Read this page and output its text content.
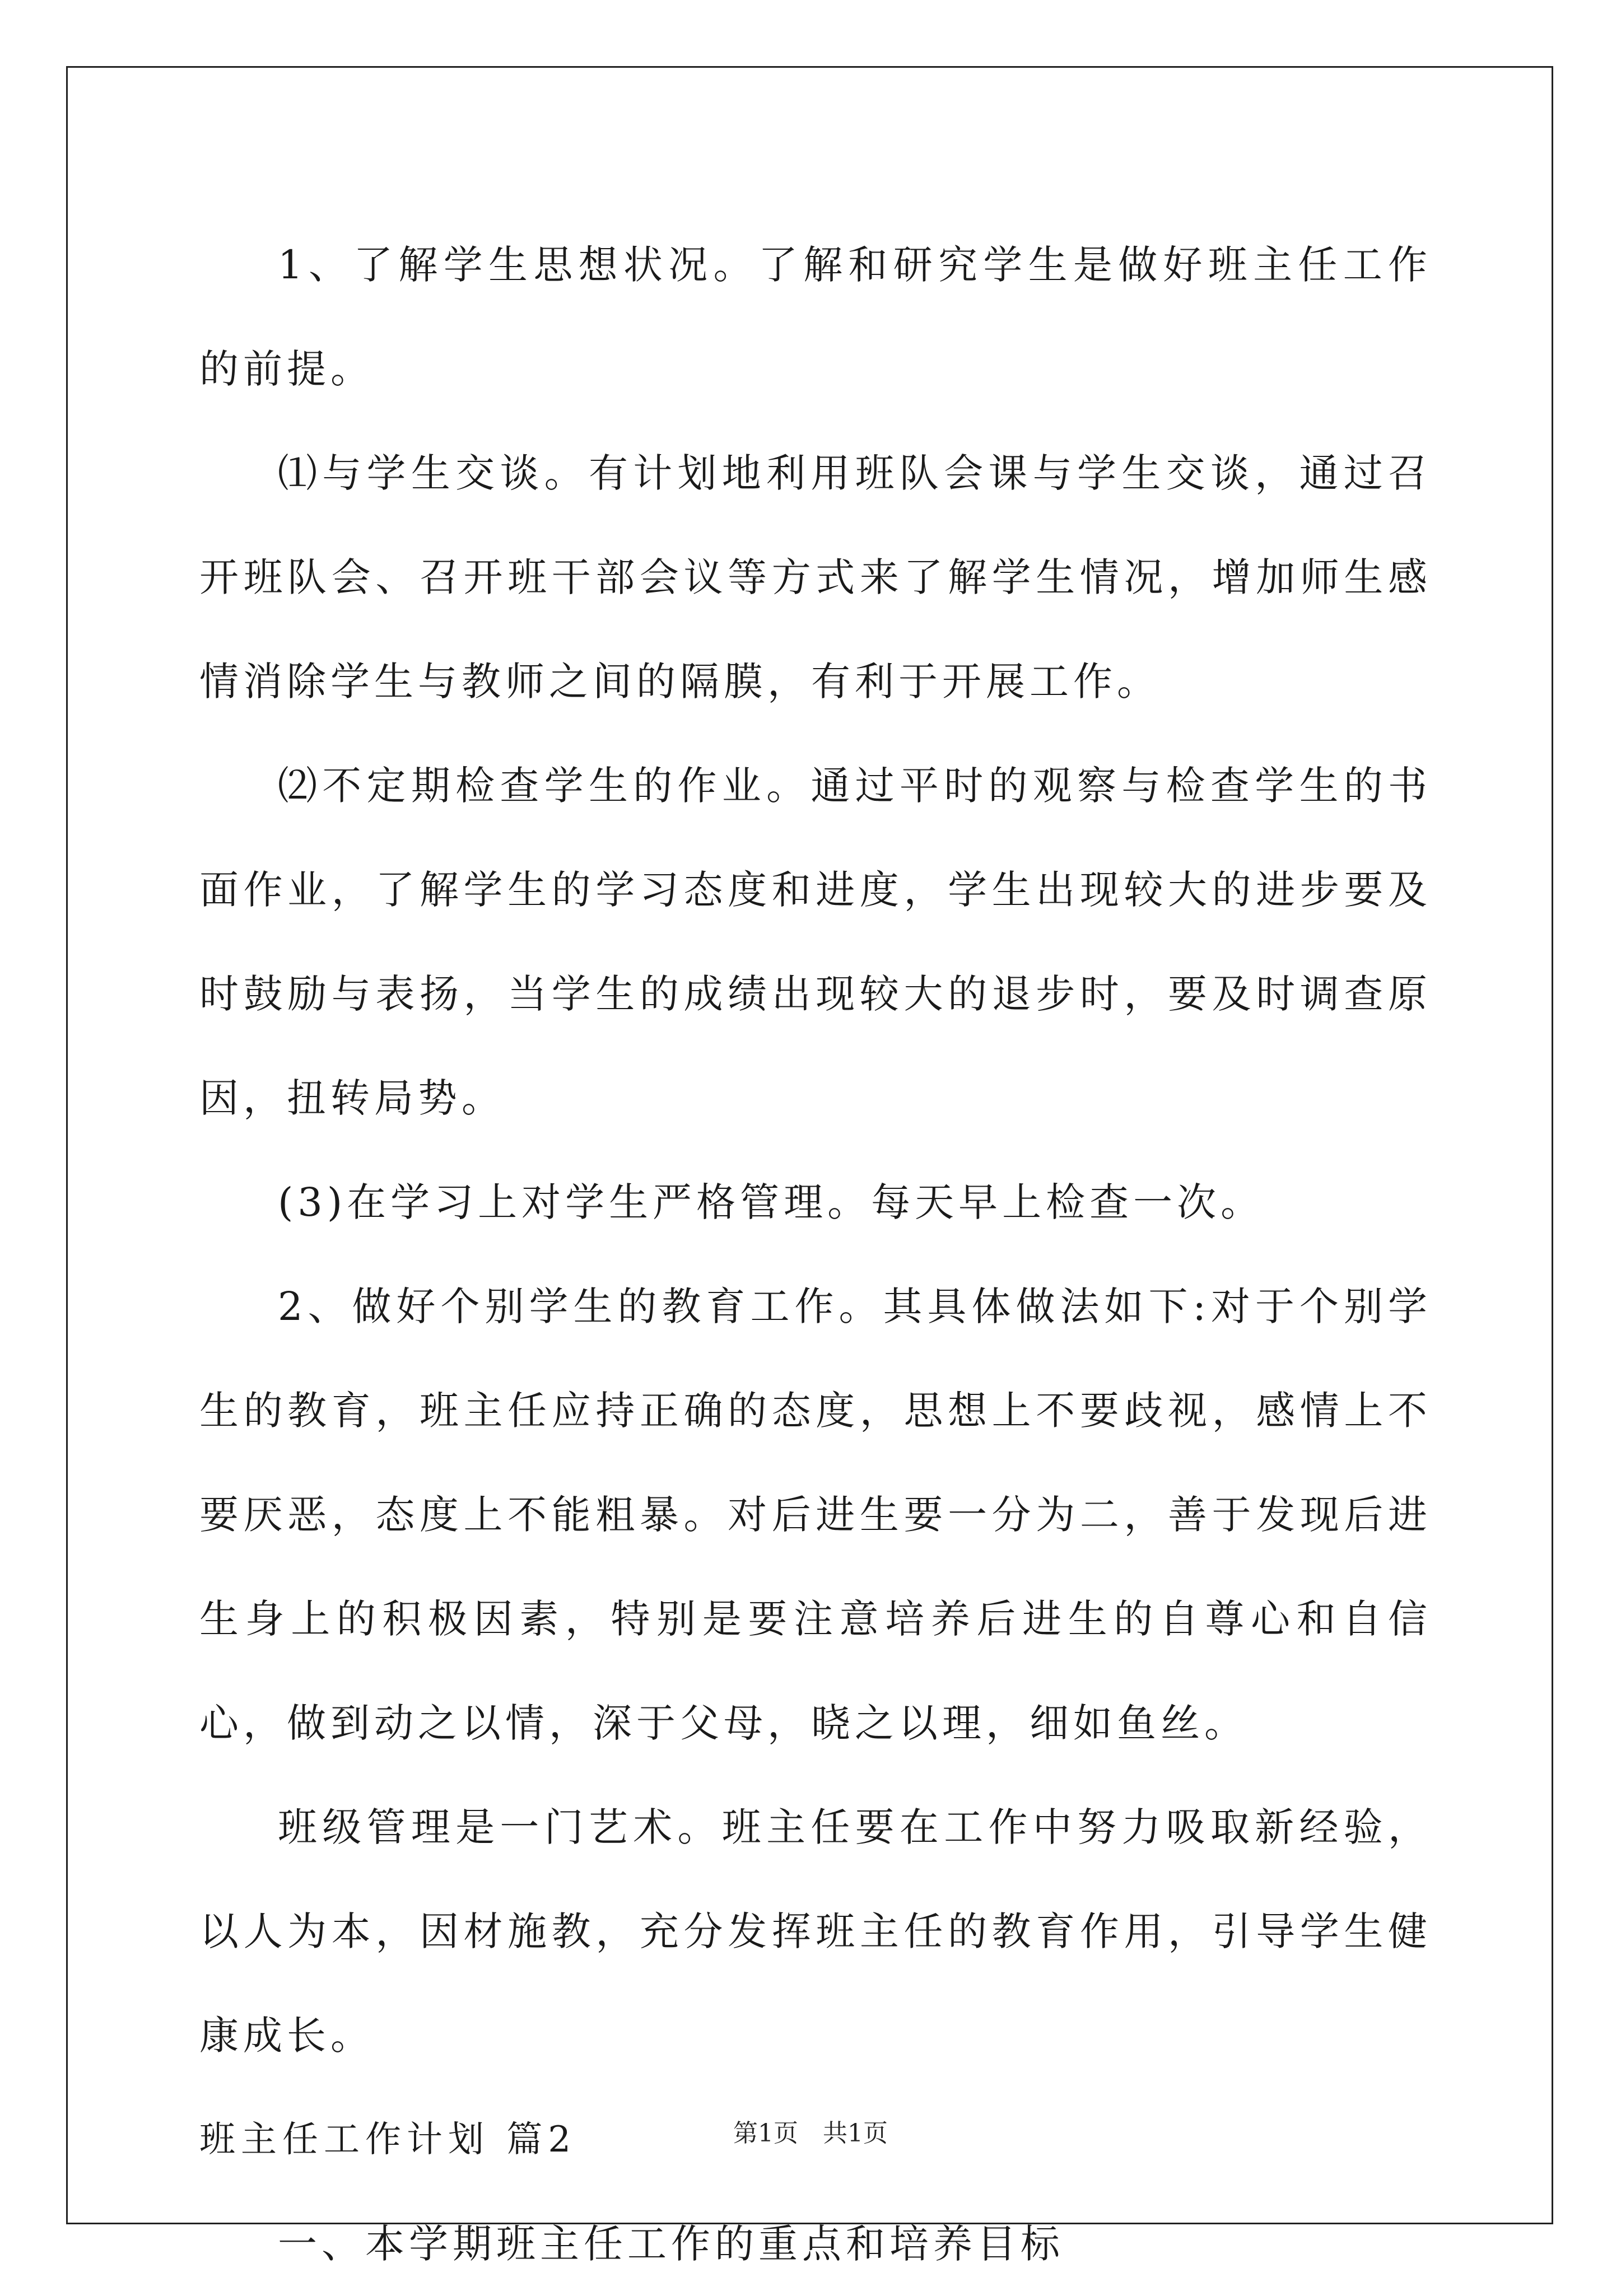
1、了解学生思想状况。了解和研究学生是做好班主任工作的前提。

⑴与学生交谈。有计划地利用班队会课与学生交谈，通过召开班队会、召开班干部会议等方式来了解学生情况，增加师生感情消除学生与教师之间的隔膜，有利于开展工作。

⑵不定期检查学生的作业。通过平时的观察与检查学生的书面作业，了解学生的学习态度和进度，学生出现较大的进步要及时鼓励与表扬，当学生的成绩出现较大的退步时，要及时调查原因，扭转局势。

(3)在学习上对学生严格管理。每天早上检查一次。

2、做好个别学生的教育工作。其具体做法如下:对于个别学生的教育，班主任应持正确的态度，思想上不要歧视，感情上不要厌恶，态度上不能粗暴。对后进生要一分为二，善于发现后进生身上的积极因素，特别是要注意培养后进生的自尊心和自信心，做到动之以情，深于父母，晓之以理，细如鱼丝。

班级管理是一门艺术。班主任要在工作中努力吸取新经验，以人为本，因材施教，充分发挥班主任的教育作用，引导学生健康成长。

班主任工作计划 篇2

一、本学期班主任工作的重点和培养目标

第1页　共1页
